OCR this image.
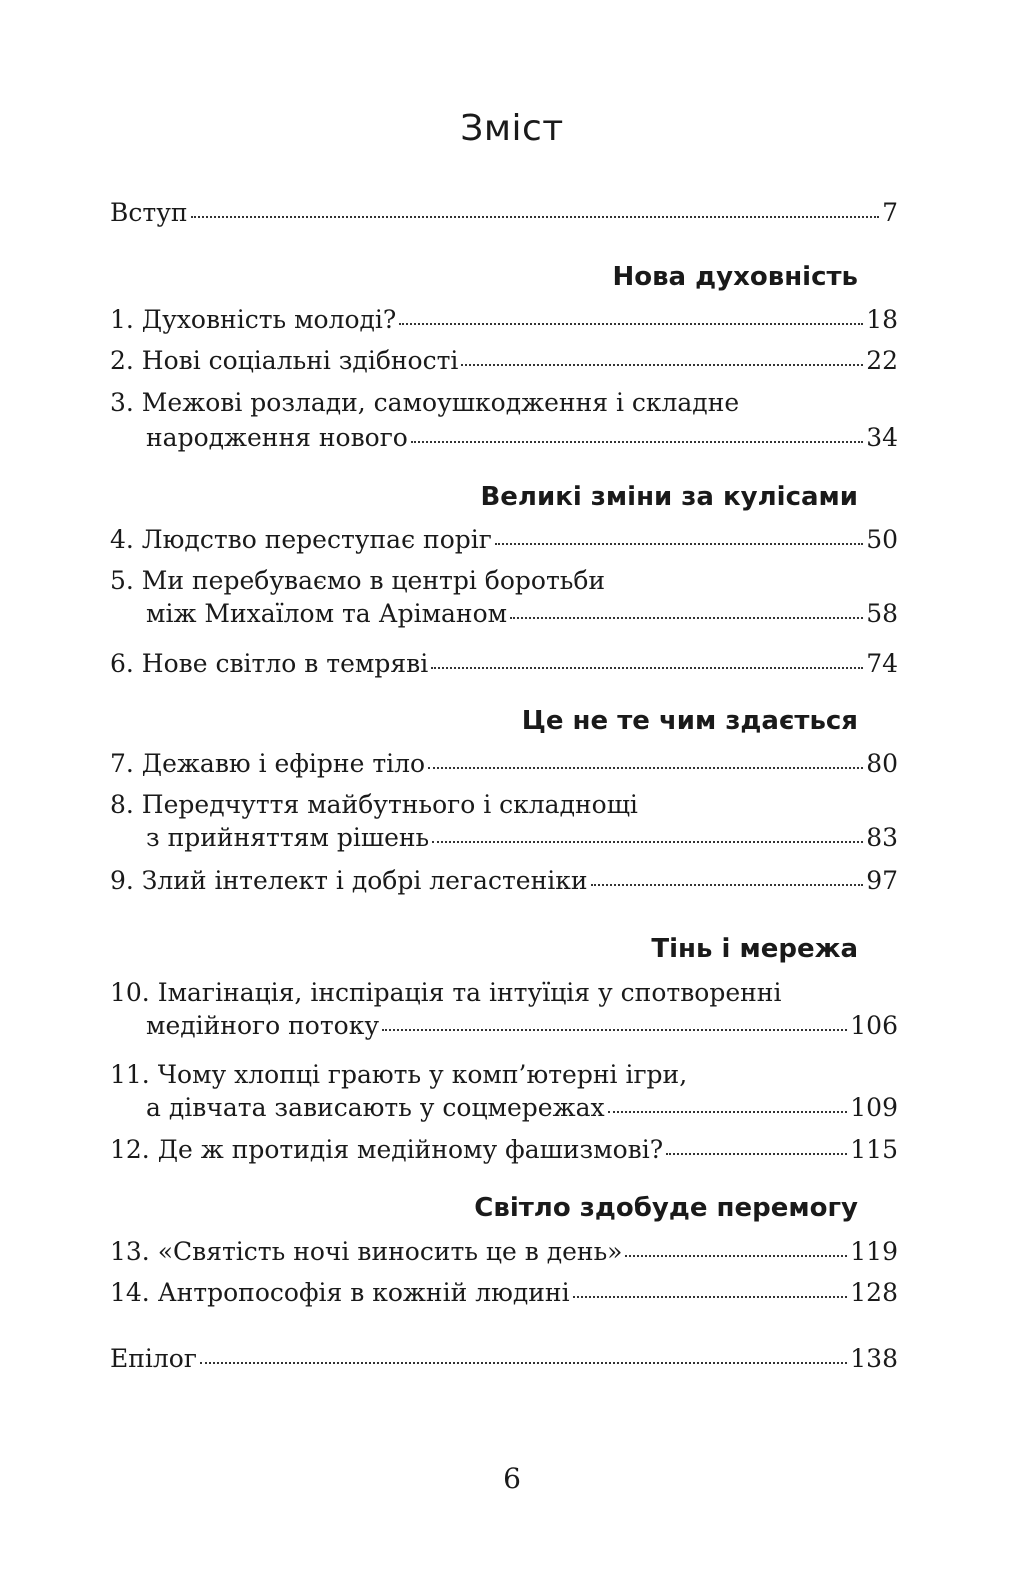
Зміст
Вступ	7
Нова духовність
1. Духовність молоді?	18
2. Нові соціальні здібності	22
3. Межові розлади, самоушкодження і складне
народження нового	34
Великі зміни за кулісами
4. Людство переступає поріг	50
5. Ми перебуваємо в центрі боротьби
між Михаїлом та Аріманом	58
6. Нове світло в темряві	74
Це не те чим здається
7. Дежавю і ефірне тіло	80
8. Передчуття майбутнього і складнощі
з прийняттям рішень	83
9. Злий інтелект і добрі легастеніки	97
Тінь і мережа
10. Імагінація, інспірація та інтуїція у спотворенні
медійного потоку	106
11. Чому хлопці грають у комп’ютерні ігри,
а дівчата зависають у соцмережах	109
12. Де ж протидія медійному фашизмові?	115
Світло здобуде перемогу
13. «Святість ночі виносить це в день»	119
14. Антропософія в кожній людині	128
Епілог	138
6
